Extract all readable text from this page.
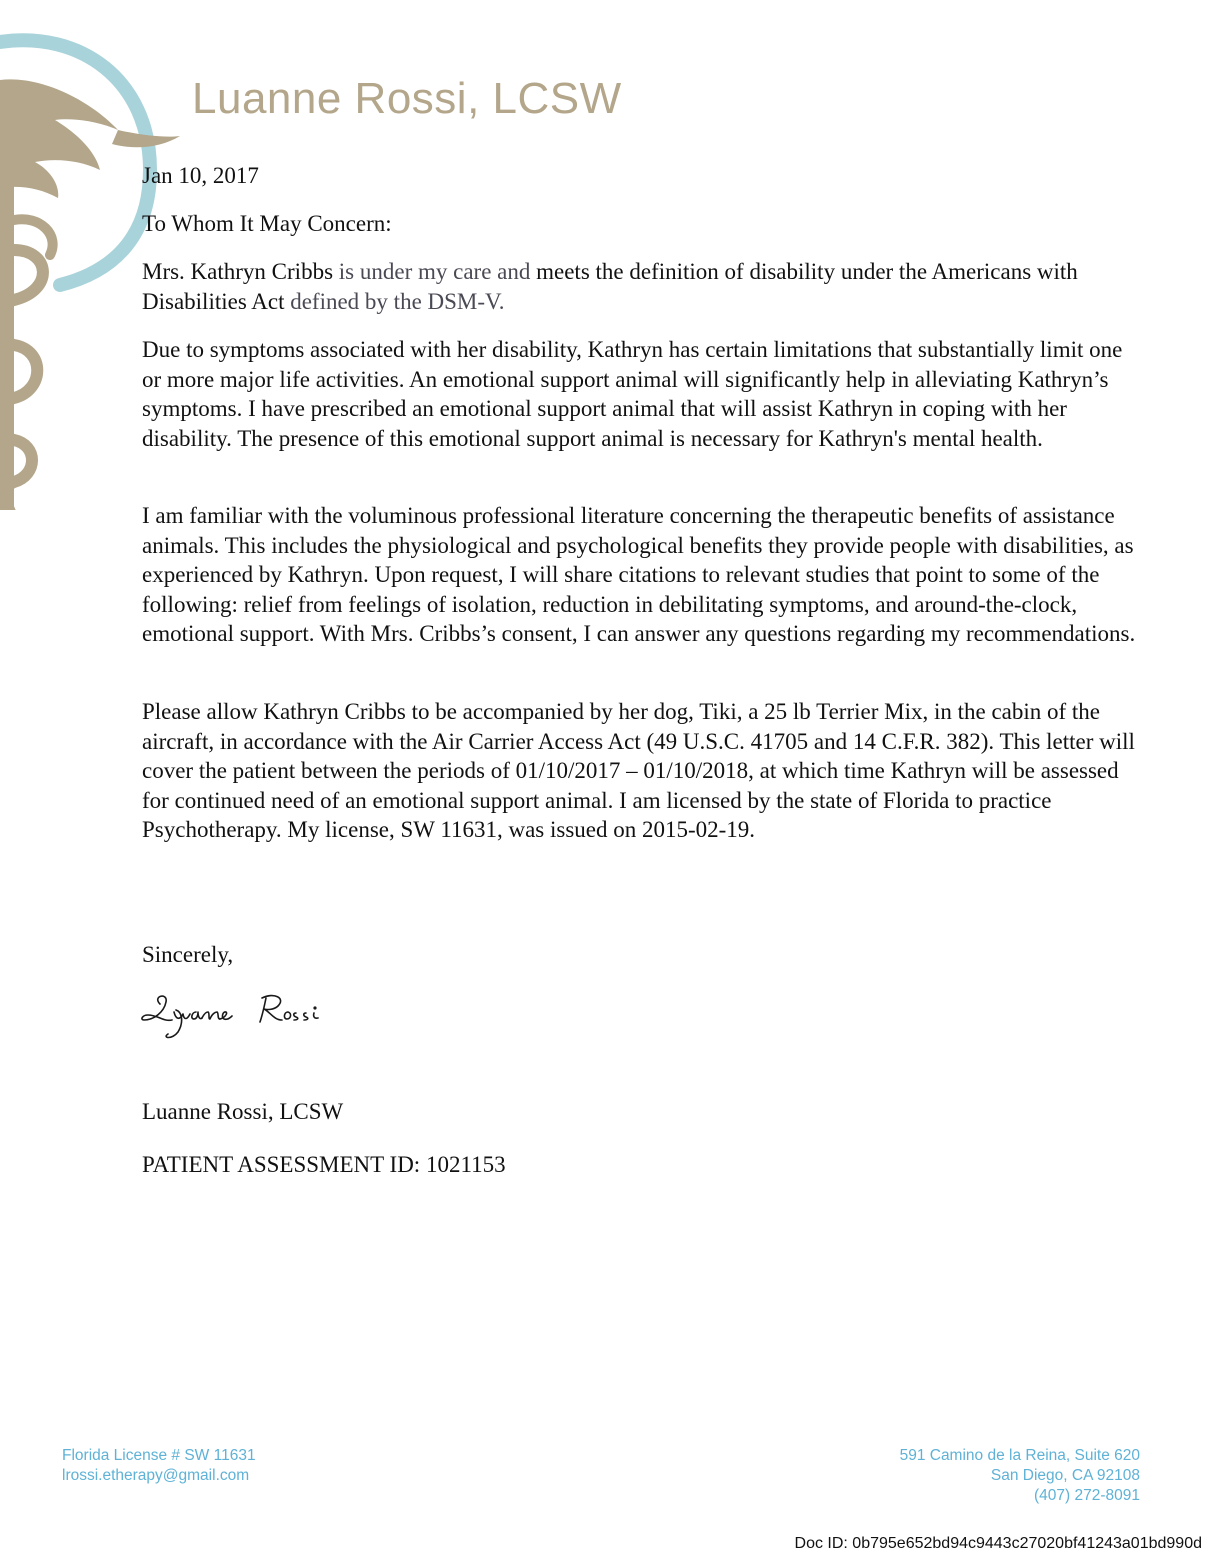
Luanne Rossi, LCSW

Jan 10, 2017

To Whom It May Concern:

Mrs. Kathryn Cribbs is under my care and meets the definition of disability under the Americans with Disabilities Act defined by the DSM-V.

Due to symptoms associated with her disability, Kathryn has certain limitations that substantially limit one or more major life activities. An emotional support animal will significantly help in alleviating Kathryn’s symptoms. I have prescribed an emotional support animal that will assist Kathryn in coping with her disability. The presence of this emotional support animal is necessary for Kathryn's mental health.

I am familiar with the voluminous professional literature concerning the therapeutic benefits of assistance animals. This includes the physiological and psychological benefits they provide people with disabilities, as experienced by Kathryn. Upon request, I will share citations to relevant studies that point to some of the following: relief from feelings of isolation, reduction in debilitating symptoms, and around-the-clock, emotional support. With Mrs. Cribbs’s consent, I can answer any questions regarding my recommendations.

Please allow Kathryn Cribbs to be accompanied by her dog, Tiki, a 25 lb Terrier Mix, in the cabin of the aircraft, in accordance with the Air Carrier Access Act (49 U.S.C. 41705 and 14 C.F.R. 382). This letter will cover the patient between the periods of 01/10/2017 – 01/10/2018, at which time Kathryn will be assessed for continued need of an emotional support animal. I am licensed by the state of Florida to practice Psychotherapy. My license, SW 11631, was issued on 2015-02-19.

Sincerely,

Luanne Rossi, LCSW

PATIENT ASSESSMENT ID: 1021153

Florida License # SW 11631
lrossi.etherapy@gmail.com
591 Camino de la Reina, Suite 620
San Diego, CA 92108
(407) 272-8091
Doc ID: 0b795e652bd94c9443c27020bf41243a01bd990d
